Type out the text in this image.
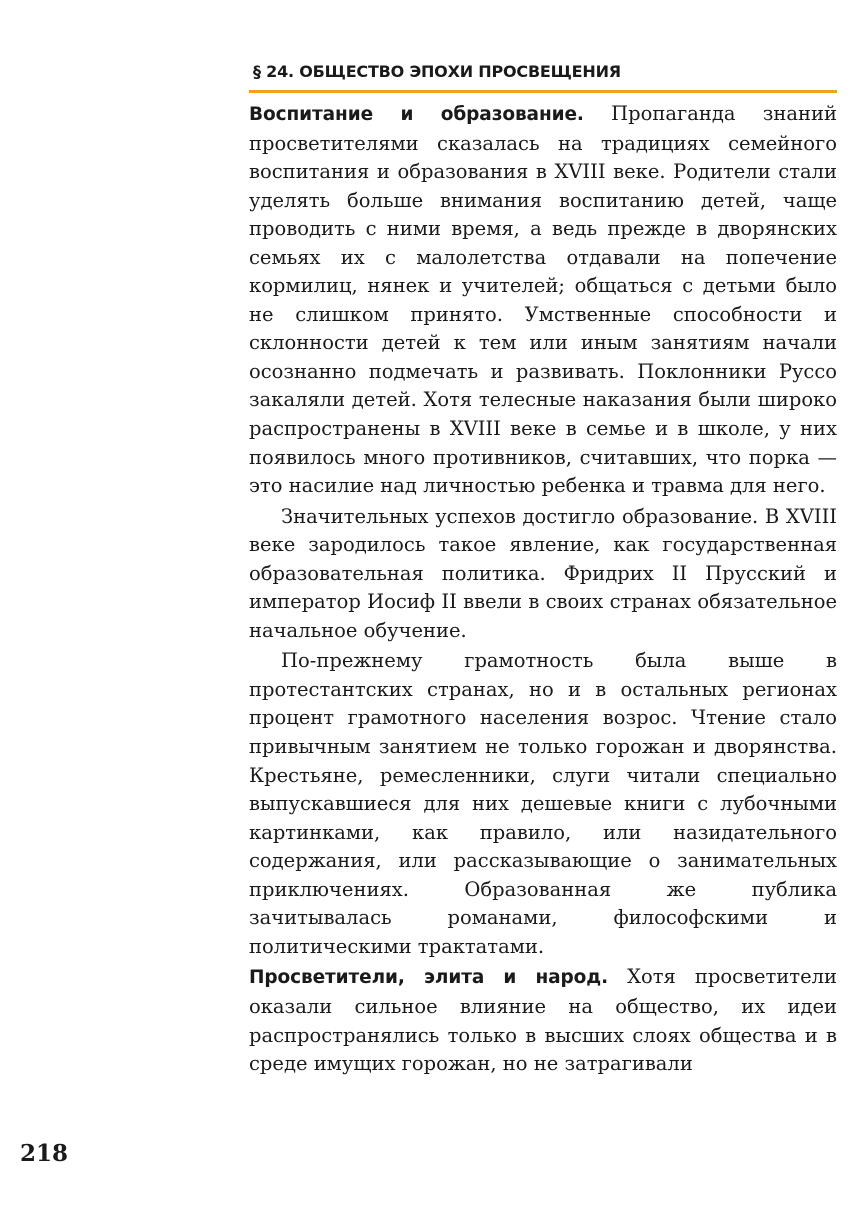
§ 24. ОБЩЕСТВО ЭПОХИ ПРОСВЕЩЕНИЯ

Воспитание и образование. Пропаганда знаний просветителями сказалась на традициях семейного воспитания и образования в XVIII веке. Родители стали уделять больше внимания воспитанию детей, чаще проводить с ними время, а ведь прежде в дворянских семьях их с малолетства отдавали на попечение кормилиц, нянек и учителей; общаться с детьми было не слишком принято. Умственные способности и склонности детей к тем или иным занятиям начали осознанно подмечать и развивать. Поклонники Руссо закаляли детей. Хотя телесные наказания были широко распространены в XVIII веке в семье и в школе, у них появилось много противников, считавших, что порка — это насилие над личностью ребенка и травма для него.

Значительных успехов достигло образование. В XVIII веке зародилось такое явление, как государственная образовательная политика. Фридрих II Прусский и император Иосиф II ввели в своих странах обязательное начальное обучение.

По-прежнему грамотность была выше в протестантских странах, но и в остальных регионах процент грамотного населения возрос. Чтение стало привычным занятием не только горожан и дворянства. Крестьяне, ремесленники, слуги читали специально выпускавшиеся для них дешевые книги с лубочными картинками, как правило, или назидательного содержания, или рассказывающие о занимательных приключениях. Образованная же публика зачитывалась романами, философскими и политическими трактатами.

Просветители, элита и народ. Хотя просветители оказали сильное влияние на общество, их идеи распространялись только в высших слоях общества и в среде имущих горожан, но не затрагивали

218
